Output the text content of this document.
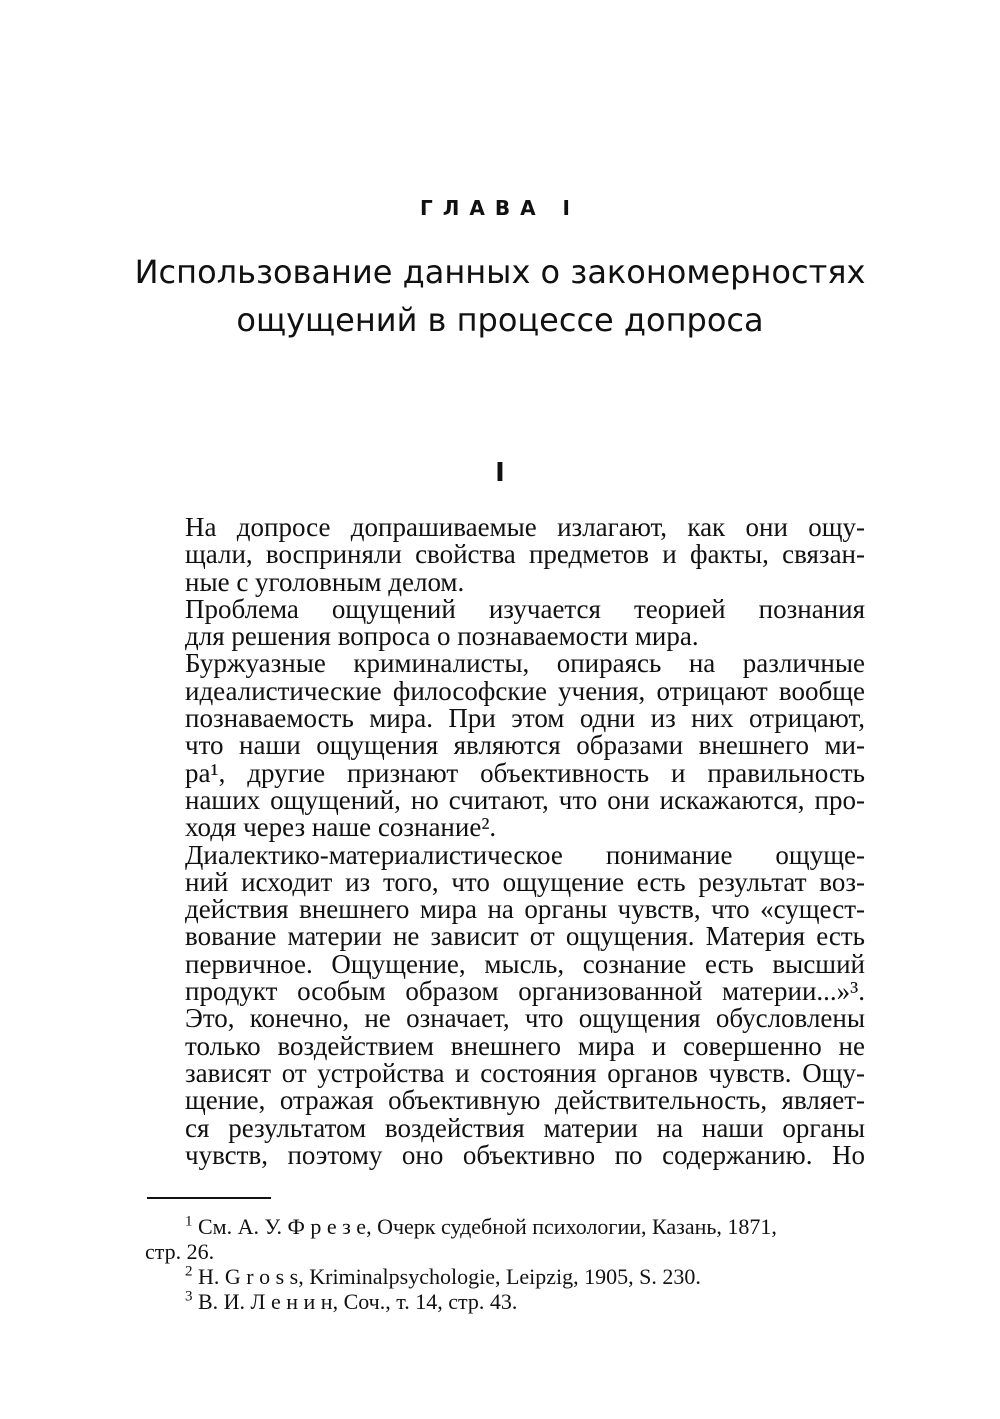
ГЛАВА I
Использование данных о закономерностях
ощущений в процессе допроса
I

На допросе допрашиваемые излагают, как они ощу-
щали, восприняли свойства предметов и факты, связан-
ные с уголовным делом.

Проблема ощущений изучается теорией познания
для решения вопроса о познаваемости мира.

Буржуазные криминалисты, опираясь на различные
идеалистические философские учения, отрицают вообще
познаваемость мира. При этом одни из них отрицают,
что наши ощущения являются образами внешнего ми-
ра¹, другие признают объективность и правильность
наших ощущений, но считают, что они искажаются, про-
ходя через наше сознание².

Диалектико-материалистическое понимание ощуще-
ний исходит из того, что ощущение есть результат воз-
действия внешнего мира на органы чувств, что «сущест-
вование материи не зависит от ощущения. Материя есть
первичное. Ощущение, мысль, сознание есть высший
продукт особым образом организованной материи...»³.
Это, конечно, не означает, что ощущения обусловлены
только воздействием внешнего мира и совершенно не
зависят от устройства и состояния органов чувств. Ощу-
щение, отражая объективную действительность, являет-
ся результатом воздействия материи на наши органы
чувств, поэтому оно объективно по содержанию. Но

$^1$ См. А. У. Ф р е з е, Очерк судебной психологии, Казань, 1871,
стр. 26.
$^2$ H. G r o s s, Kriminalpsychologie, Leipzig, 1905, S. 230.
$^3$ В. И. Л е н и н, Соч., т. 14, стр. 43.
